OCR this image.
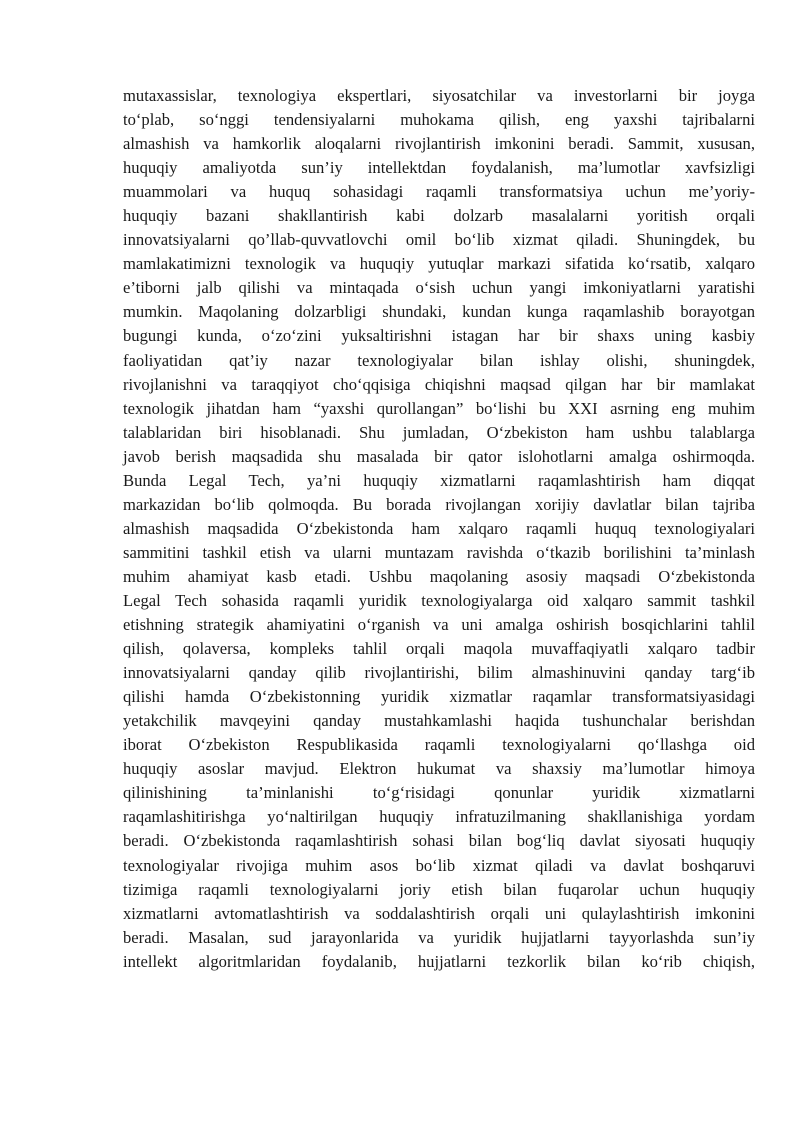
mutaxassislar, texnologiya ekspertlari, siyosatchilar va investorlarni bir joyga
to‘plab, so‘nggi tendensiyalarni muhokama qilish, eng yaxshi tajribalarni
almashish va hamkorlik aloqalarni rivojlantirish imkonini beradi. Sammit, xususan,
huquqiy amaliyotda sun’iy intellektdan foydalanish, ma’lumotlar xavfsizligi
muammolari va huquq sohasidagi raqamli transformatsiya uchun me’yoriy-
huquqiy bazani shakllantirish kabi dolzarb masalalarni yoritish orqali
innovatsiyalarni qo’llab-quvvatlovchi omil bo‘lib xizmat qiladi. Shuningdek, bu
mamlakatimizni texnologik va huquqiy yutuqlar markazi sifatida ko‘rsatib, xalqaro
e’tiborni jalb qilishi va mintaqada o‘sish uchun yangi imkoniyatlarni yaratishi
mumkin. Maqolaning dolzarbligi shundaki, kundan kunga raqamlashib borayotgan
bugungi kunda, o‘zo‘zini yuksaltirishni istagan har bir shaxs uning kasbiy
faoliyatidan qat’iy nazar texnologiyalar bilan ishlay olishi, shuningdek,
rivojlanishni va taraqqiyot cho‘qqisiga chiqishni maqsad qilgan har bir mamlakat
texnologik jihatdan ham “yaxshi qurollangan” bo‘lishi bu XXI asrning eng muhim
talablaridan biri hisoblanadi. Shu jumladan, O‘zbekiston ham ushbu talablarga
javob berish maqsadida shu masalada bir qator islohotlarni amalga oshirmoqda.
Bunda Legal Tech, ya’ni huquqiy xizmatlarni raqamlashtirish ham diqqat
markazidan bo‘lib qolmoqda. Bu borada rivojlangan xorijiy davlatlar bilan tajriba
almashish maqsadida O‘zbekistonda ham xalqaro raqamli huquq texnologiyalari
sammitini tashkil etish va ularni muntazam ravishda o‘tkazib borilishini ta’minlash
muhim ahamiyat kasb etadi. Ushbu maqolaning asosiy maqsadi O‘zbekistonda
Legal Tech sohasida raqamli yuridik texnologiyalarga oid xalqaro sammit tashkil
etishning strategik ahamiyatini o‘rganish va uni amalga oshirish bosqichlarini tahlil
qilish, qolaversa, kompleks tahlil orqali maqola muvaffaqiyatli xalqaro tadbir
innovatsiyalarni qanday qilib rivojlantirishi, bilim almashinuvini qanday targ‘ib
qilishi hamda O‘zbekistonning yuridik xizmatlar raqamlar transformatsiyasidagi
yetakchilik mavqeyini qanday mustahkamlashi haqida tushunchalar berishdan
iborat O‘zbekiston Respublikasida raqamli texnologiyalarni qo‘llashga oid
huquqiy asoslar mavjud. Elektron hukumat va shaxsiy ma’lumotlar himoya
qilinishining ta’minlanishi to‘g‘risidagi qonunlar yuridik xizmatlarni
raqamlashitirishga yo‘naltirilgan huquqiy infratuzilmaning shakllanishiga yordam
beradi. O‘zbekistonda raqamlashtirish sohasi bilan bog‘liq davlat siyosati huquqiy
texnologiyalar rivojiga muhim asos bo‘lib xizmat qiladi va davlat boshqaruvi
tizimiga raqamli texnologiyalarni joriy etish bilan fuqarolar uchun huquqiy
xizmatlarni avtomatlashtirish va soddalashtirish orqali uni qulaylashtirish imkonini
beradi. Masalan, sud jarayonlarida va yuridik hujjatlarni tayyorlashda sun’iy
intellekt algoritmlaridan foydalanib, hujjatlarni tezkorlik bilan ko‘rib chiqish,
